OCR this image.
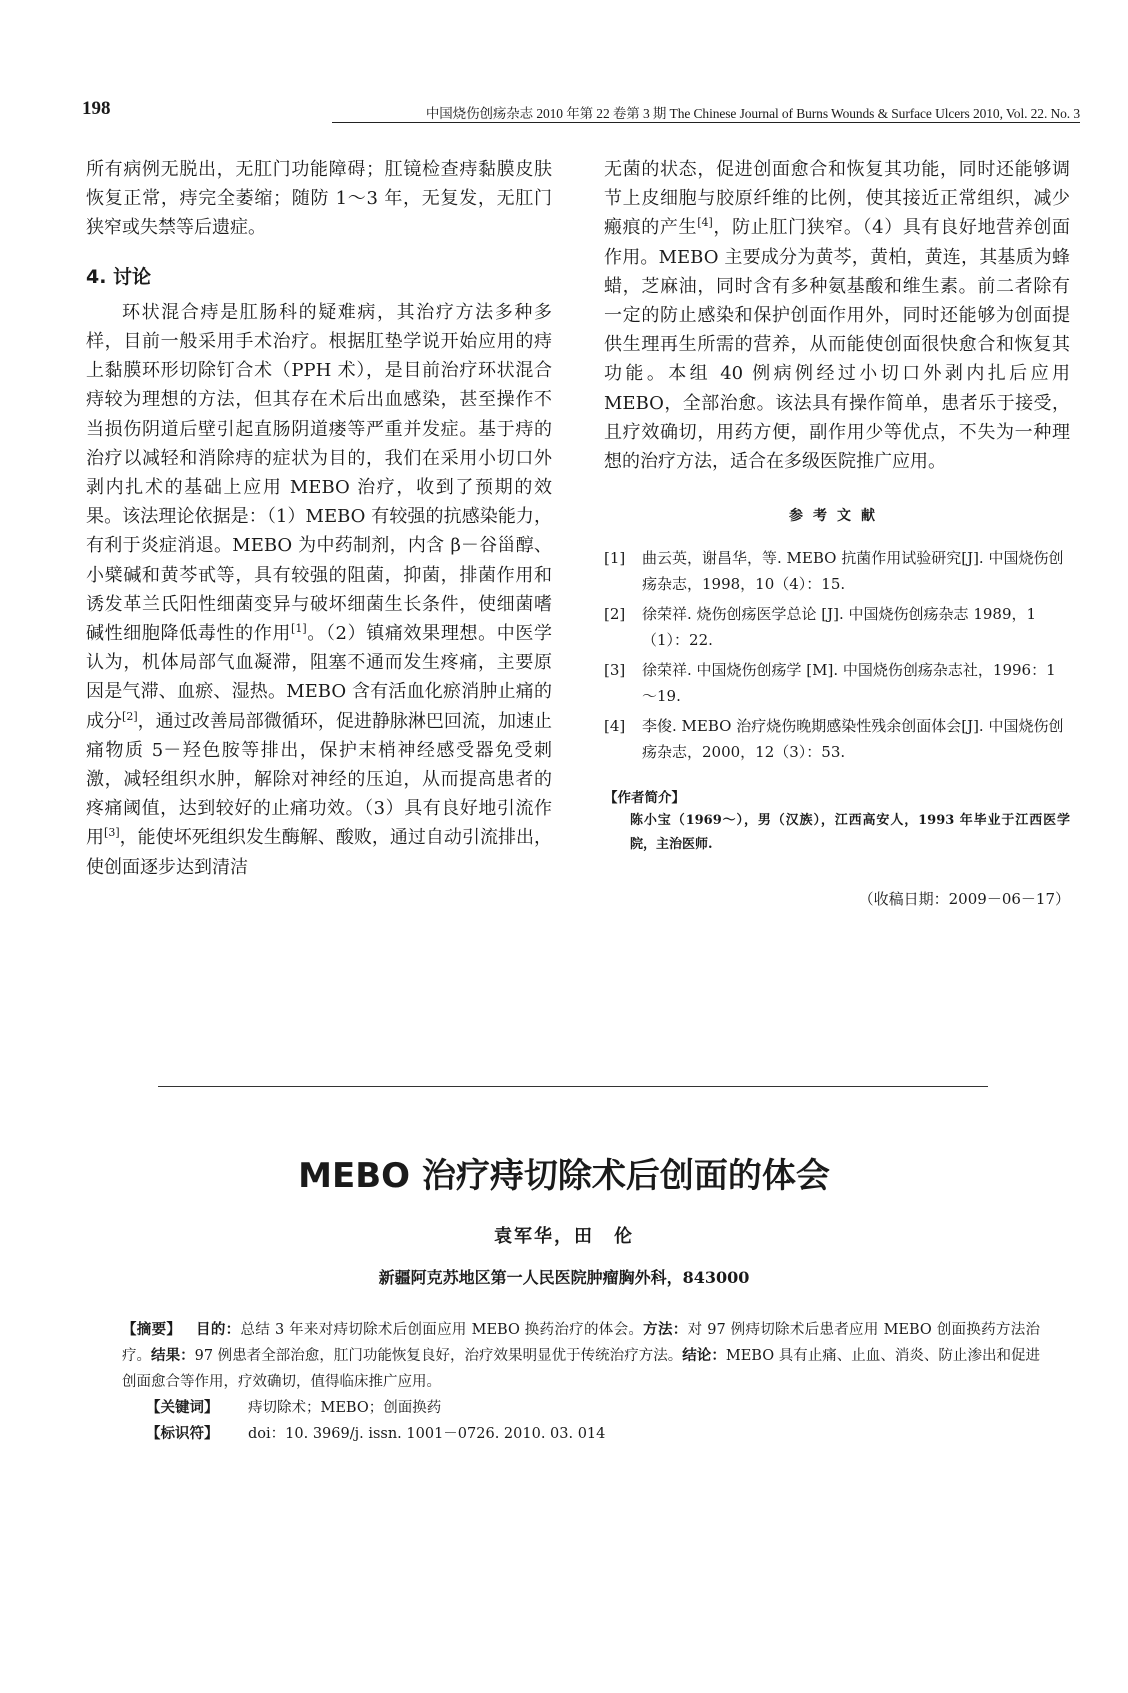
198	中国烧伤创疡杂志 2010 年第 22 卷第 3 期 The Chinese Journal of Burns Wounds & Surface Ulcers 2010, Vol. 22. No. 3

所有病例无脱出，无肛门功能障碍；肛镜检查痔黏膜皮肤恢复正常，痔完全萎缩；随防 1～3 年，无复发，无肛门狭窄或失禁等后遗症。

4. 讨论

环状混合痔是肛肠科的疑难病，其治疗方法多种多样，目前一般采用手术治疗。根据肛垫学说开始应用的痔上黏膜环形切除钉合术（PPH 术），是目前治疗环状混合痔较为理想的方法，但其存在术后出血感染，甚至操作不当损伤阴道后壁引起直肠阴道瘘等严重并发症。基于痔的治疗以减轻和消除痔的症状为目的，我们在采用小切口外剥内扎术的基础上应用 MEBO 治疗，收到了预期的效果。该法理论依据是：（1）MEBO 有较强的抗感染能力，有利于炎症消退。MEBO 为中药制剂，内含 β－谷甾醇、小檗碱和黄芩甙等，具有较强的阻菌，抑菌，排菌作用和诱发革兰氏阳性细菌变异与破坏细菌生长条件，使细菌嗜碱性细胞降低毒性的作用[1]。（2）镇痛效果理想。中医学认为，机体局部气血凝滞，阻塞不通而发生疼痛，主要原因是气滞、血瘀、湿热。MEBO 含有活血化瘀消肿止痛的成分[2]，通过改善局部微循环，促进静脉淋巴回流，加速止痛物质 5－羟色胺等排出，保护末梢神经感受器免受刺激，减轻组织水肿，解除对神经的压迫，从而提高患者的疼痛阈值，达到较好的止痛功效。（3）具有良好地引流作用[3]，能使坏死组织发生酶解、酸败，通过自动引流排出，使创面逐步达到清洁

无菌的状态，促进创面愈合和恢复其功能，同时还能够调节上皮细胞与胶原纤维的比例，使其接近正常组织，减少瘢痕的产生[4]，防止肛门狭窄。（4）具有良好地营养创面作用。MEBO 主要成分为黄芩，黄柏，黄连，其基质为蜂蜡，芝麻油，同时含有多种氨基酸和维生素。前二者除有一定的防止感染和保护创面作用外，同时还能够为创面提供生理再生所需的营养，从而能使创面很快愈合和恢复其功能。本组 40 例病例经过小切口外剥内扎后应用 MEBO，全部治愈。该法具有操作简单，患者乐于接受，且疗效确切，用药方便，副作用少等优点，不失为一种理想的治疗方法，适合在多级医院推广应用。

参考文献
[1] 曲云英，谢昌华，等. MEBO 抗菌作用试验研究[J]. 中国烧伤创疡杂志，1998，10（4）：15.
[2] 徐荣祥. 烧伤创疡医学总论 [J]. 中国烧伤创疡杂志 1989，1（1）：22.
[3] 徐荣祥. 中国烧伤创疡学 [M]. 中国烧伤创疡杂志社，1996：1～19.
[4] 李俊. MEBO 治疗烧伤晚期感染性残余创面体会[J]. 中国烧伤创疡杂志，2000，12（3）：53.
【作者简介】
陈小宝（1969～），男（汉族），江西高安人，1993 年毕业于江西医学院，主治医师.
（收稿日期：2009－06－17）
MEBO 治疗痔切除术后创面的体会
袁军华，田　伦
新疆阿克苏地区第一人民医院肿瘤胸外科，843000

【摘要】  目的：总结 3 年来对痔切除术后创面应用 MEBO 换药治疗的体会。方法：对 97 例痔切除术后患者应用 MEBO 创面换药方法治疗。结果：97 例患者全部治愈，肛门功能恢复良好，治疗效果明显优于传统治疗方法。结论：MEBO 具有止痛、止血、消炎、防止渗出和促进创面愈合等作用，疗效确切，值得临床推广应用。

【关键词】 痔切除术；MEBO；创面换药
【标识符】 doi：10. 3969/j. issn. 1001－0726. 2010. 03. 014
